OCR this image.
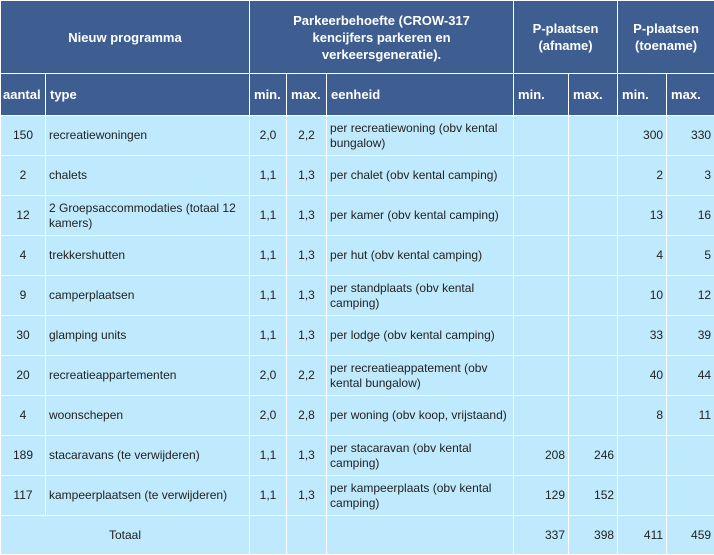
Nieuw programma		Parkeerbehoefte (CROW-317 kencijfers parkeren en verkeersgeneratie).			P-plaatsen (afname)		P-plaatsen (toename)	
aantal	type	min.	max.	eenheid	min.	max.	min.	max.
150	recreatiewoningen	2,0	2,2	per recreatiewoning (obv kental bungalow)			300	330
2	chalets	1,1	1,3	per chalet (obv kental camping)			2	3
12	2 Groepsaccommodaties (totaal 12 kamers)	1,1	1,3	per kamer (obv kental camping)			13	16
4	trekkershutten	1,1	1,3	per hut (obv kental camping)			4	5
9	camperplaatsen	1,1	1,3	per standplaats (obv kental camping)			10	12
30	glamping units	1,1	1,3	per lodge (obv kental camping)			33	39
20	recreatieappartementen	2,0	2,2	per recreatieappatement (obv kental bungalow)			40	44
4	woonschepen	2,0	2,8	per woning (obv koop, vrijstaand)			8	11
189	stacaravans (te verwijderen)	1,1	1,3	per stacaravan (obv kental camping)	208	246		
117	kampeerplaatsen (te verwijderen)	1,1	1,3	per kampeerplaats (obv kental camping)	129	152		
Totaal					337	398	411	459
